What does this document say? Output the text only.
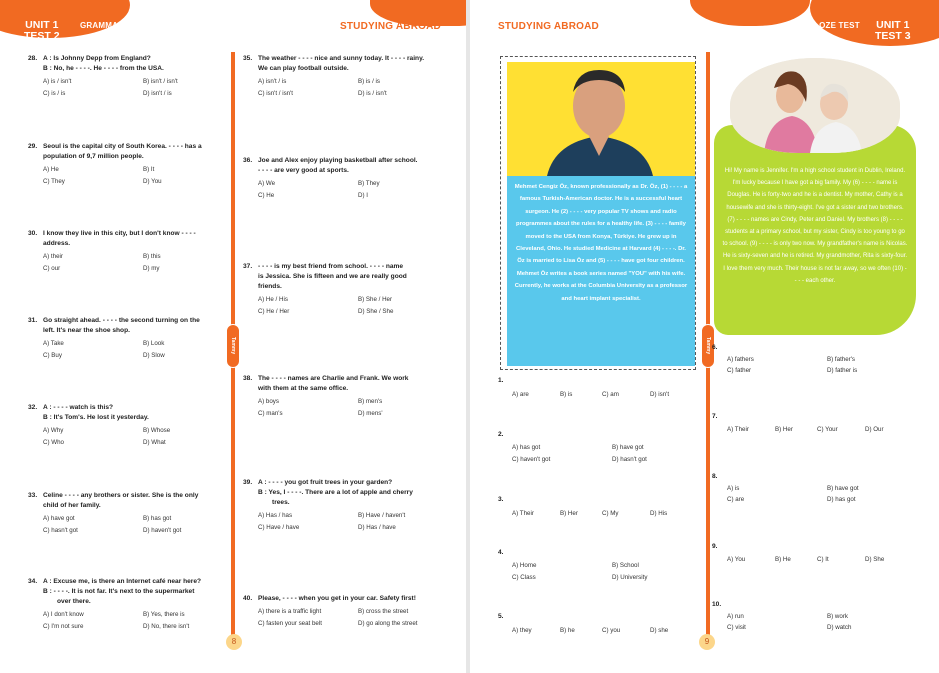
UNIT 1
TEST 2
GRAMMAR	STUDYING ABROAD
Tammy
8
28. A : Is Johnny Depp from England?
B : No, he - - - -. He - - - - from the USA.
A) is / isn't	B) isn't / isn't
C) is / is	D) isn't / is
29. Seoul is the capital city of South Korea. - - - - has a
population of 9,7 million people.
A) He	B) It
C) They	D) You
30. I know they live in this city, but I don't know - - - -
address.
A) their	B) this
C) our	D) my
31. Go straight ahead. - - - - the second turning on the
left. It's near the shoe shop.
A) Take	B) Look
C) Buy	D) Slow
32. A : - - - - watch is this?
B : It's Tom's. He lost it yesterday.
A) Why	B) Whose
C) Who	D) What
33. Celine - - - - any brothers or sister. She is the only
child of her family.
A) have got	B) has got
C) hasn't got	D) haven't got
34. A : Excuse me, is there an Internet café near here?
B : - - - -. It is not far. It's next to the supermarket
over there.
A) I don't know	B) Yes, there is
C) I'm not sure	D) No, there isn't
35. The weather - - - - nice and sunny today. It - - - - rainy.
We can play football outside.
A) isn't / is	B) is / is
C) isn't / isn't	D) is / isn't
36. Joe and Alex enjoy playing basketball after school.
- - - - are very good at sports.
A) We	B) They
C) He	D) I
37. - - - - is my best friend from school. - - - - name
is Jessica. She is fifteen and we are really good
friends.
A) He / His	B) She / Her
C) He / Her	D) She / She
38. The - - - - names are Charlie and Frank. We work
with them at the same office.
A) boys	B) men's
C) man's	D) mens'
39. A : - - - - you got fruit trees in your garden?
B : Yes, I - - - -. There are a lot of apple and cherry
trees.
A) Has / has	B) Have / haven't
C) Have / have	D) Has / have
40. Please, - - - - when you get in your car. Safety first!
A) there is a traffic light	B) cross the street
C) fasten your seat belt	D) go along the street
STUDYING ABROAD	CLOZE TEST UNIT 1
TEST 3
Tammy
9
Mehmet Cengiz Öz, known professionally as Dr. Öz, (1) - - - - a famous Turkish-American doctor. He is a successful heart surgeon. He (2) - - - - very popular TV shows and radio programmes about the rules for a healthy life. (3) - - - - family moved to the USA from Konya, Türkiye. He grew up in Cleveland, Ohio. He studied Medicine at Harvard (4) - - - -. Dr. Öz is married to Lisa Öz and (5) - - - - have got four children. Mehmet Öz writes a book series named "YOU" with his wife. Currently, he works at the Columbia University as a professor and heart implant specialist.
Hi! My name is Jennifer. I'm a high school student in Dublin, Ireland. I'm lucky because I have got a big family. My (6) - - - - name is Douglas. He is forty-two and he is a dentist. My mother, Cathy is a housewife and she is thirty-eight. I've got a sister and two brothers. (7) - - - - names are Cindy, Peter and Daniel. My brothers (8) - - - - students at a primary school, but my sister, Cindy is too young to go to school. (9) - - - - is only two now. My grandfather's name is Nicolas. He is sixty-seven and he is retired. My grandmother, Rita is sixty-four. I love them very much. Their house is not far away, so we often (10) - - - - each other.
1.
A) are	B) is	C) am	D) isn't
2.
A) has got	B) have got
C) haven't got	D) hasn't got
3.
A) Their	B) Her	C) My	D) His
4.
A) Home	B) School
C) Class	D) University
5.
A) they	B) he	C) you	D) she
6.
A) fathers	B) father's
C) father	D) father is
7.
A) Their	B) Her	C) Your	D) Our
8.
A) is	B) have got
C) are	D) has got
9.
A) You	B) He	C) It	D) She
10.
A) run	B) work
C) visit	D) watch
